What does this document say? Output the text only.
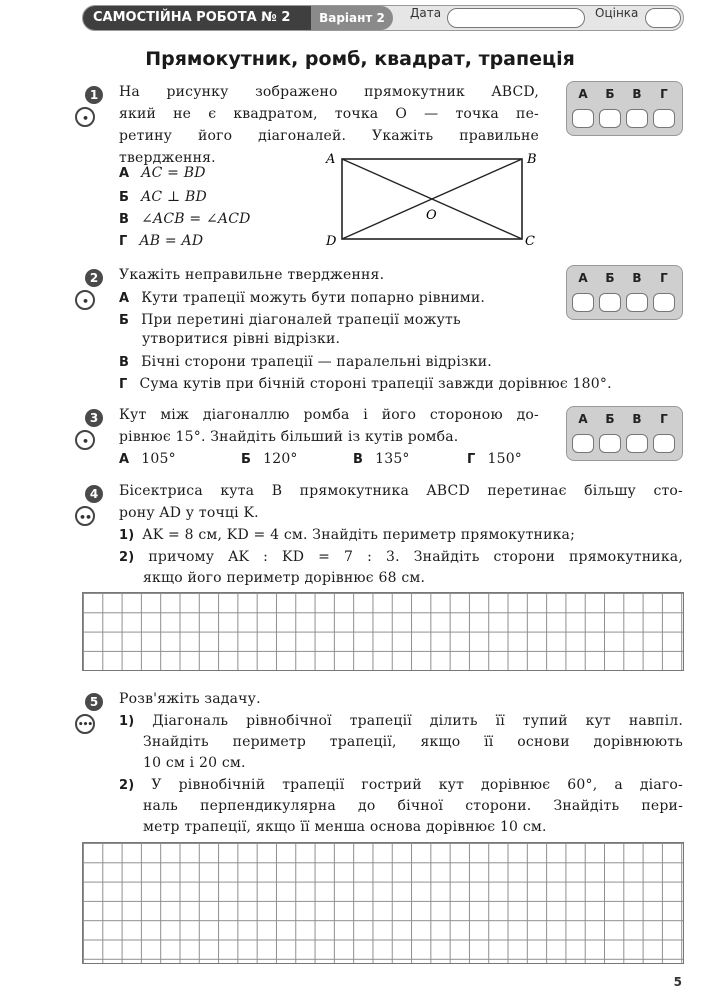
САМОСТІЙНА РОБОТА № 2	Варіант 2	Дата	Оцінка
Прямокутник, ромб, квадрат, трапеція
1
•
На рисунку зображено прямокутник ABCD,
який не є квадратом, точка O — точка пе-
ретину його діагоналей. Укажіть правильне
твердження.
А AC = BD
Б AC ⊥ BD
В ∠ACB = ∠ACD
Г AB = AD
A	B
C
D
O
А	Б	В	Г
2
•
Укажіть неправильне твердження.
А Кути трапеції можуть бути попарно рівними.
Б При перетині діагоналей трапеції можуть
утворитися рівні відрізки.
В Бічні сторони трапеції — паралельні відрізки.
Г Сума кутів при бічній стороні трапеції завжди дорівнює 180°.
А	Б	В	Г
3
•
Кут між діагоналлю ромба і його стороною до-
рівнює 15°. Знайдіть більший із кутів ромба.
А 105°	Б 120°	В 135°	Г 150°
А	Б	В	Г
4
••
Бісектриса кута B прямокутника ABCD перетинає більшу сто-
рону AD у точці K.
1) AK = 8 см, KD = 4 см. Знайдіть периметр прямокутника;
2) причому AK : KD = 7 : 3. Знайдіть сторони прямокутника,
якщо його периметр дорівнює 68 см.
5
•••
Розв'яжіть задачу.
1) Діагональ рівнобічної трапеції ділить її тупий кут навпіл.
Знайдіть периметр трапеції, якщо її основи дорівнюють
10 см і 20 см.
2) У рівнобічній трапеції гострий кут дорівнює 60°, а діаго-
наль перпендикулярна до бічної сторони. Знайдіть пери-
метр трапеції, якщо її менша основа дорівнює 10 см.
5
